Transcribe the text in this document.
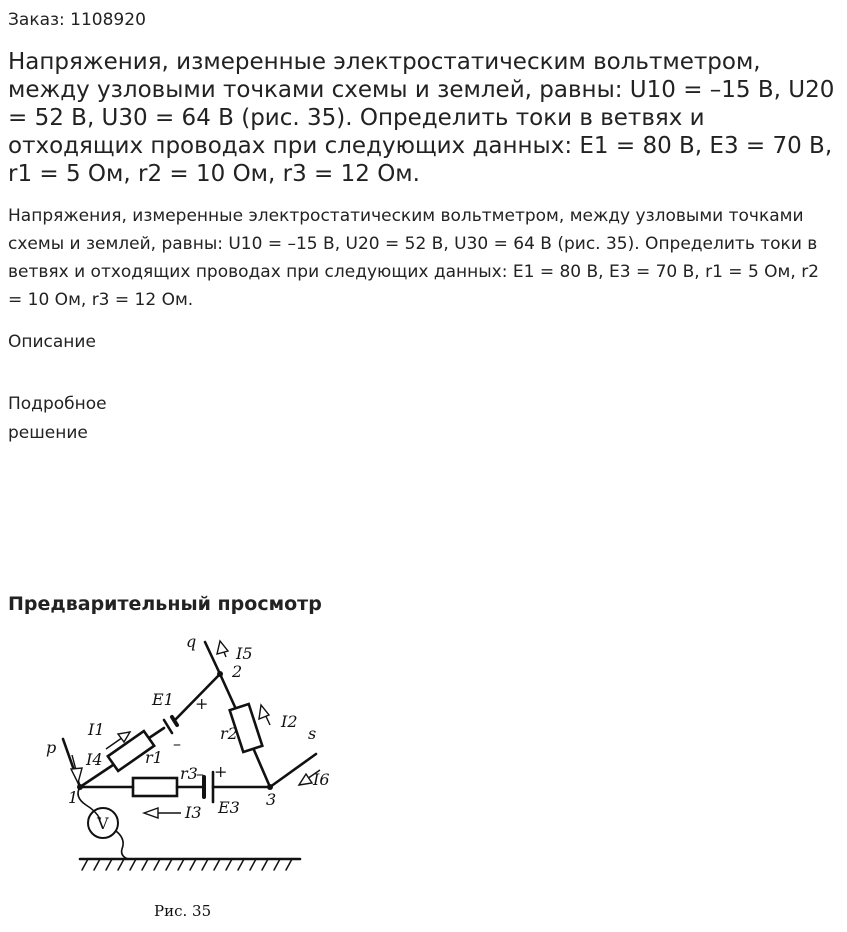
Заказ: 1108920
Напряжения, измеренные электростатическим вольтметром, между узловыми точками схемы и землей, равны: U10 = –15 В, U20 = 52 В, U30 = 64 В (рис. 35). Определить токи в ветвях и отходящих проводах при следующих данных: E1 = 80 В, E3 = 70 В, r1 = 5 Ом, r2 = 10 Ом, r3 = 12 Ом.

Напряжения, измеренные электростатическим вольтметром, между узловыми точками схемы и землей, равны: U10 = –15 В, U20 = 52 В, U30 = 64 В (рис. 35). Определить токи в ветвях и отходящих проводах при следующих данных: E1 = 80 В, E3 = 70 В, r1 = 5 Ом, r2 = 10 Ом, r3 = 12 Ом.

Описание
Подробное решение
Предварительный просмотр
q
p
s
1
2
3
I1	I2
I3
I4
I5
I6
E1
E3
r1
r2
r3
+
–
+
–
V
Рис. 35
